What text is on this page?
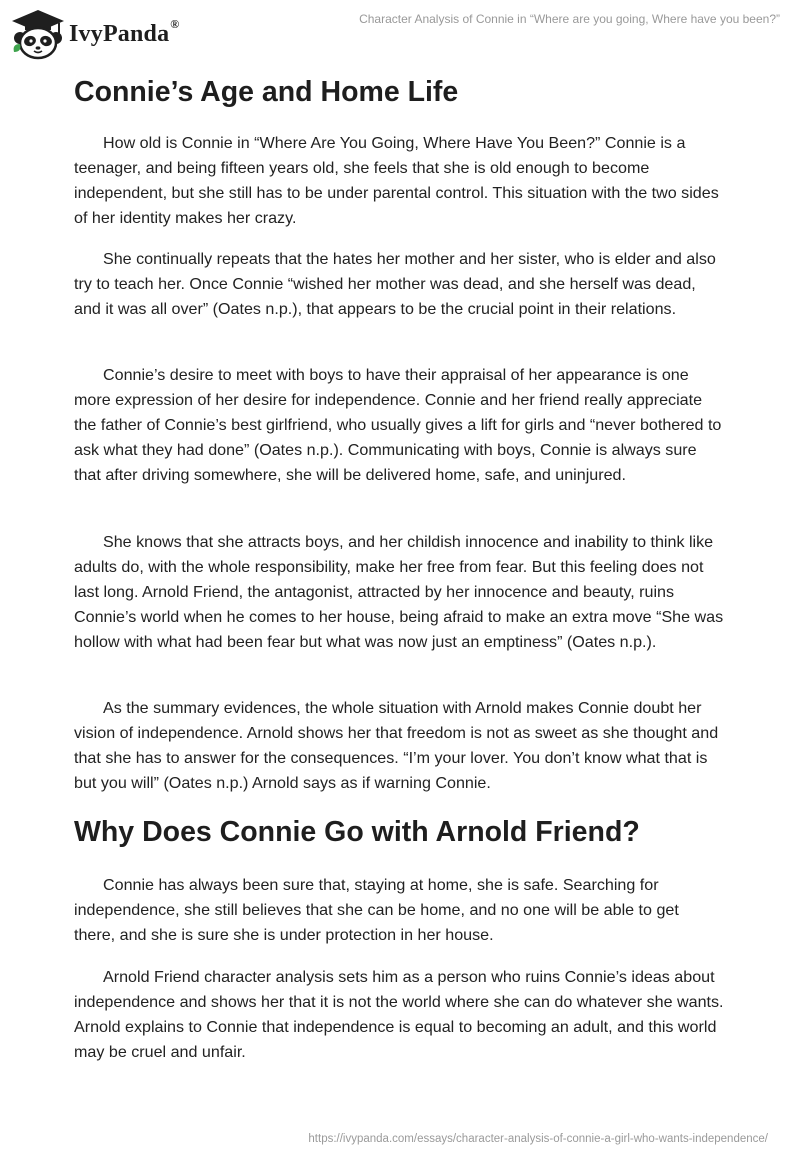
IvyPanda®	Character Analysis of Connie in “Where are you going, Where have you been?”
Connie’s Age and Home Life

How old is Connie in “Where Are You Going, Where Have You Been?” Connie is a teenager, and being fifteen years old, she feels that she is old enough to become independent, but she still has to be under parental control. This situation with the two sides of her identity makes her crazy.

She continually repeats that the hates her mother and her sister, who is elder and also try to teach her. Once Connie “wished her mother was dead, and she herself was dead, and it was all over” (Oates n.p.), that appears to be the crucial point in their relations.

Connie’s desire to meet with boys to have their appraisal of her appearance is one more expression of her desire for independence. Connie and her friend really appreciate the father of Connie’s best girlfriend, who usually gives a lift for girls and “never bothered to ask what they had done” (Oates n.p.). Communicating with boys, Connie is always sure that after driving somewhere, she will be delivered home, safe, and uninjured.

She knows that she attracts boys, and her childish innocence and inability to think like adults do, with the whole responsibility, make her free from fear. But this feeling does not last long. Arnold Friend, the antagonist, attracted by her innocence and beauty, ruins Connie’s world when he comes to her house, being afraid to make an extra move “She was hollow with what had been fear but what was now just an emptiness” (Oates n.p.).

As the summary evidences, the whole situation with Arnold makes Connie doubt her vision of independence. Arnold shows her that freedom is not as sweet as she thought and that she has to answer for the consequences. “I’m your lover. You don’t know what that is but you will” (Oates n.p.) Arnold says as if warning Connie.

Why Does Connie Go with Arnold Friend?

Connie has always been sure that, staying at home, she is safe. Searching for independence, she still believes that she can be home, and no one will be able to get there, and she is sure she is under protection in her house.

Arnold Friend character analysis sets him as a person who ruins Connie’s ideas about independence and shows her that it is not the world where she can do whatever she wants. Arnold explains to Connie that independence is equal to becoming an adult, and this world may be cruel and unfair.

https://ivypanda.com/essays/character-analysis-of-connie-a-girl-who-wants-independence/
